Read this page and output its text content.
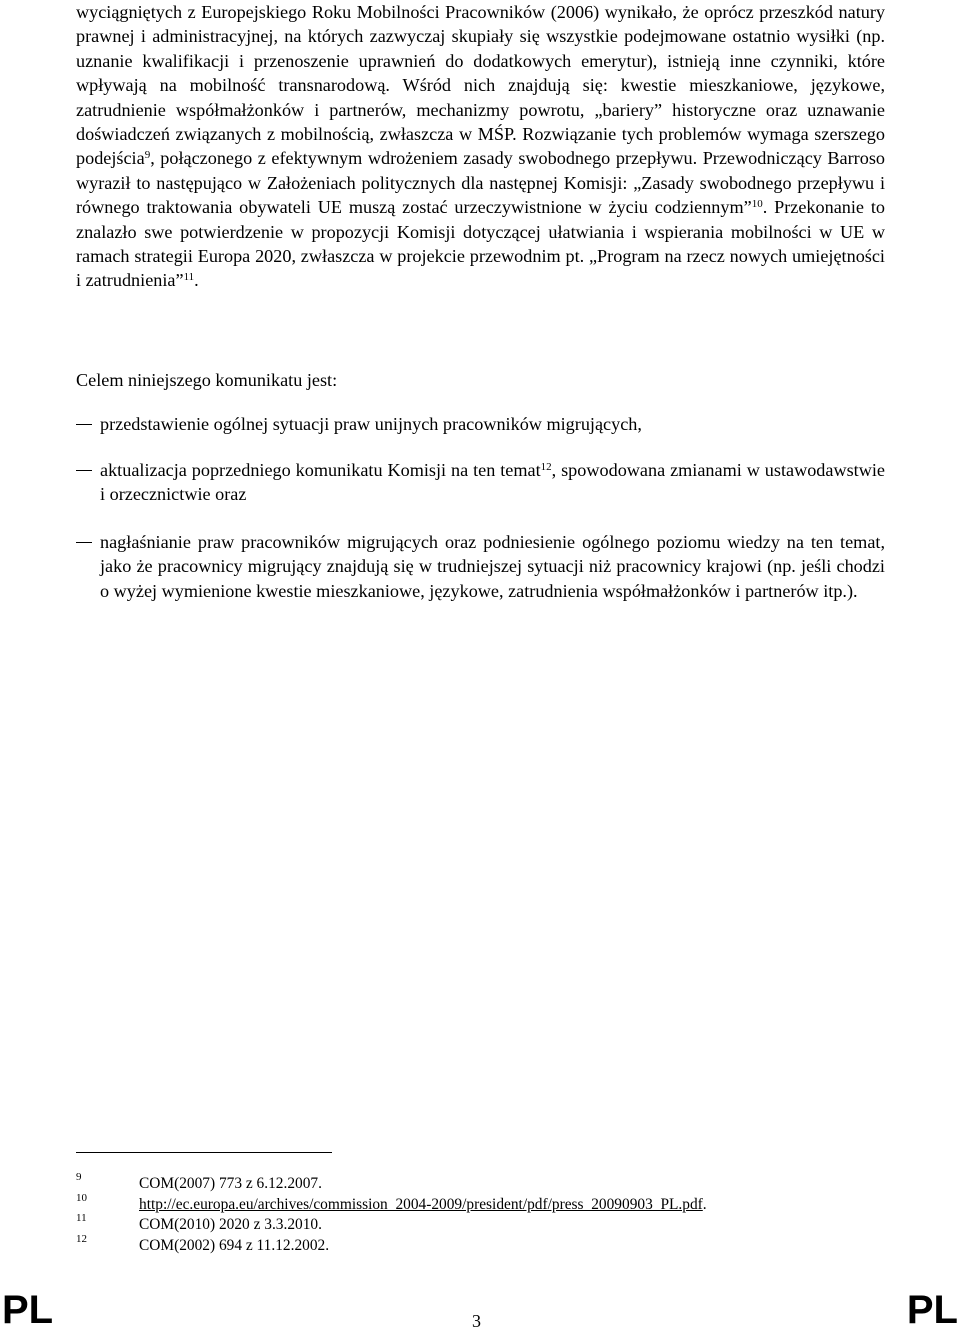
wyciągniętych z Europejskiego Roku Mobilności Pracowników (2006) wynikało, że oprócz przeszkód natury prawnej i administracyjnej, na których zazwyczaj skupiały się wszystkie podejmowane ostatnio wysiłki (np. uznanie kwalifikacji i przenoszenie uprawnień do dodatkowych emerytur), istnieją inne czynniki, które wpływają na mobilność transnarodową. Wśród nich znajdują się: kwestie mieszkaniowe, językowe, zatrudnienie współmałżonków i partnerów, mechanizmy powrotu, „bariery” historyczne oraz uznawanie doświadczeń związanych z mobilnością, zwłaszcza w MŚP. Rozwiązanie tych problemów wymaga szerszego podejścia$^9$, połączonego z efektywnym wdrożeniem zasady swobodnego przepływu. Przewodniczący Barroso wyraził to następująco w Założeniach politycznych dla następnej Komisji: „Zasady swobodnego przepływu i równego traktowania obywateli UE muszą zostać urzeczywistnione w życiu codziennym”$^{10}$. Przekonanie to znalazło swe potwierdzenie w propozycji Komisji dotyczącej ułatwiania i wspierania mobilności w UE w ramach strategii Europa 2020, zwłaszcza w projekcie przewodnim pt. „Program na rzecz nowych umiejętności i zatrudnienia”$^{11}$.

Celem niniejszego komunikatu jest:

przedstawienie ogólnej sytuacji praw unijnych pracowników migrujących,
aktualizacja poprzedniego komunikatu Komisji na ten temat$^{12}$, spowodowana zmianami w ustawodawstwie i orzecznictwie oraz
nagłaśnianie praw pracowników migrujących oraz podniesienie ogólnego poziomu wiedzy na ten temat, jako że pracownicy migrujący znajdują się w trudniejszej sytuacji niż pracownicy krajowi (np. jeśli chodzi o wyżej wymienione kwestie mieszkaniowe, językowe, zatrudnienia współmałżonków i partnerów itp.).
9	COM(2007) 773 z 6.12.2007.
10	http://ec.europa.eu/archives/commission_2004-2009/president/pdf/press_20090903_PL.pdf.
11	COM(2010) 2020 z 3.3.2010.
12	COM(2002) 694 z 11.12.2002.
PL	3	PL
